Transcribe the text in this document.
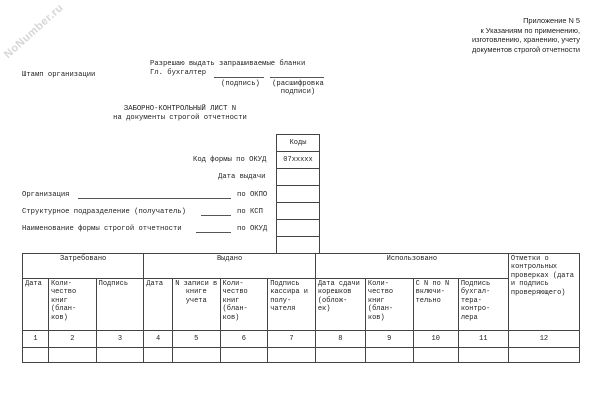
NoNumber.ru	Приложение N 5
к Указаниям по применению,
изготовлению, хранению, учету
документов строгой отчетности
Разрешаю выдать запрашиваемые бланки
Штамп организации	Гл. бухгалтер
(подпись)	(расшифровка
подписи)
ЗАБОРНО-КОНТРОЛЬНЫЙ ЛИСТ N
на документы строгой отчетности
Коды
07xxxxx

Код формы по ОКУД
Дата выдачи
Организация	по ОКПО
Структурное подразделение (получатель)	по КСП
Наименование формы строгой отчетности	по ОКУД
Затребовано			Выдано				Использовано				Отметки о контрольных проверках (дата и подпись проверяющего)
Дата	Коли- чество книг (блан- ков)	Подпись	Дата	N записи в книге учета	Коли- чество книг (блан- ков)	Подпись кассира и полу- чателя	Дата сдачи корешков (облож- ек)	Коли- чество книг (блан- ков)	С N по N включи- тельно	Подпись бухгал- тера- контро- лера	
1	2	3	4	5	6	7	8	9	10	11	12
